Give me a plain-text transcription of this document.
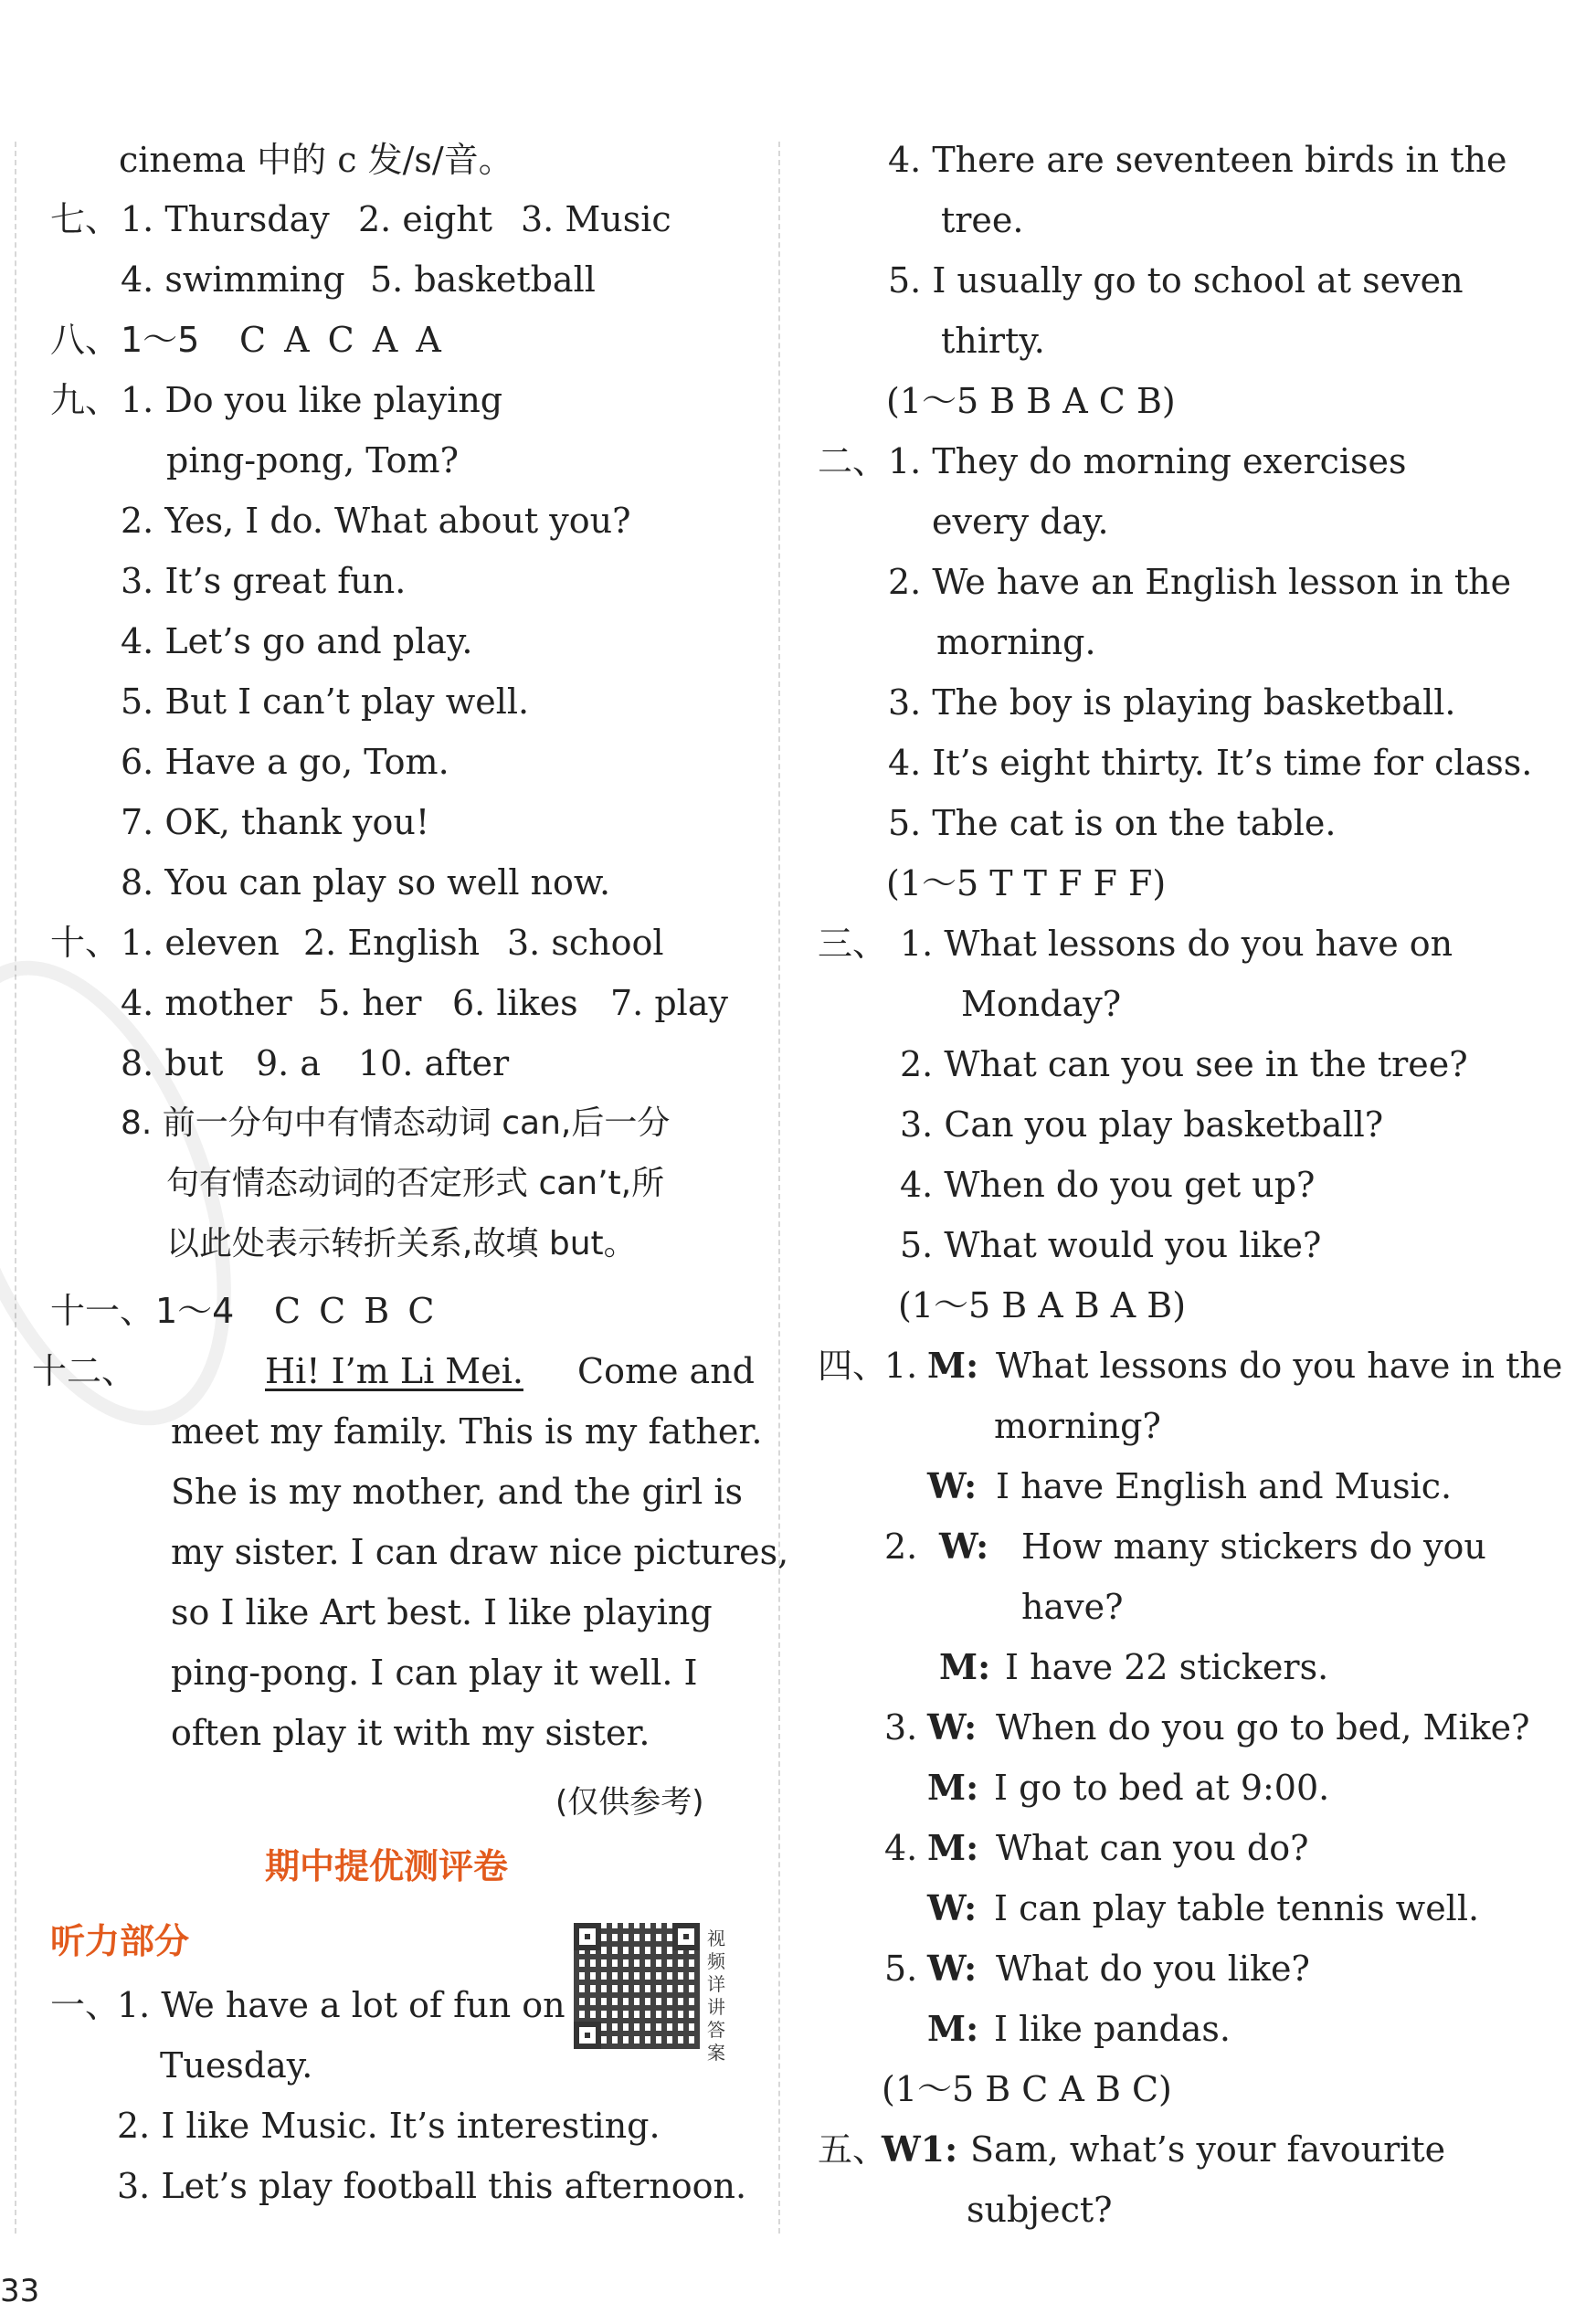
cinema 中的 c 发/s/音。
七、 1. Thursday 2. eight 3. Music
4. swimming 5. basketball
八、 1～5 C A C A A
九、 1. Do you like playing
ping-pong, Tom?
2. Yes, I do. What about you?
3. It’s great fun.
4. Let’s go and play.
5. But I can’t play well.
6. Have a go, Tom.
7. OK, thank you!
8. You can play so well now.
十、 1. eleven 2. English 3. school
4. mother 5. her 6. likes 7. play
8. but 9. a 10. after
8. 前一分句中有情态动词 can,后一分
句有情态动词的否定形式 can’t,所
以此处表示转折关系,故填 but。
十一、 1～4 C C B C
十二、	Hi! I’m Li Mei. Come and
meet my family. This is my father.
She is my mother, and the girl is
my sister. I can draw nice pictures,
so I like Art best. I like playing
ping-pong. I can play it well. I
often play it with my sister.
(仅供参考)
期中提优测评卷
听力部分	视频详讲答案
一、
1. We have a lot of fun on
Tuesday.
2. I like Music. It’s interesting.
3. Let’s play football this afternoon.
4. There are seventeen birds in the
tree.
5. I usually go to school at seven
thirty.
(1～5 B B A C B)
二、 1. They do morning exercises
every day.
2. We have an English lesson in the
morning.
3. The boy is playing basketball.
4. It’s eight thirty. It’s time for class.
5. The cat is on the table.
(1～5 T T F F F)
三、 1. What lessons do you have on
Monday?
2. What can you see in the tree?
3. Can you play basketball?
4. When do you get up?
5. What would you like?
(1～5 B A B A B)
四、
1. M: What lessons do you have in the
morning?
W: I have English and Music.
2. W: How many stickers do you
have?
M: I have 22 stickers.
3. W: When do you go to bed, Mike?
M: I go to bed at 9:00.
4. M: What can you do?
W: I can play table tennis well.
5. W: What do you like?
M: I like pandas.
(1～5 B C A B C)
五、
W1: Sam, what’s your favourite
subject?
33
